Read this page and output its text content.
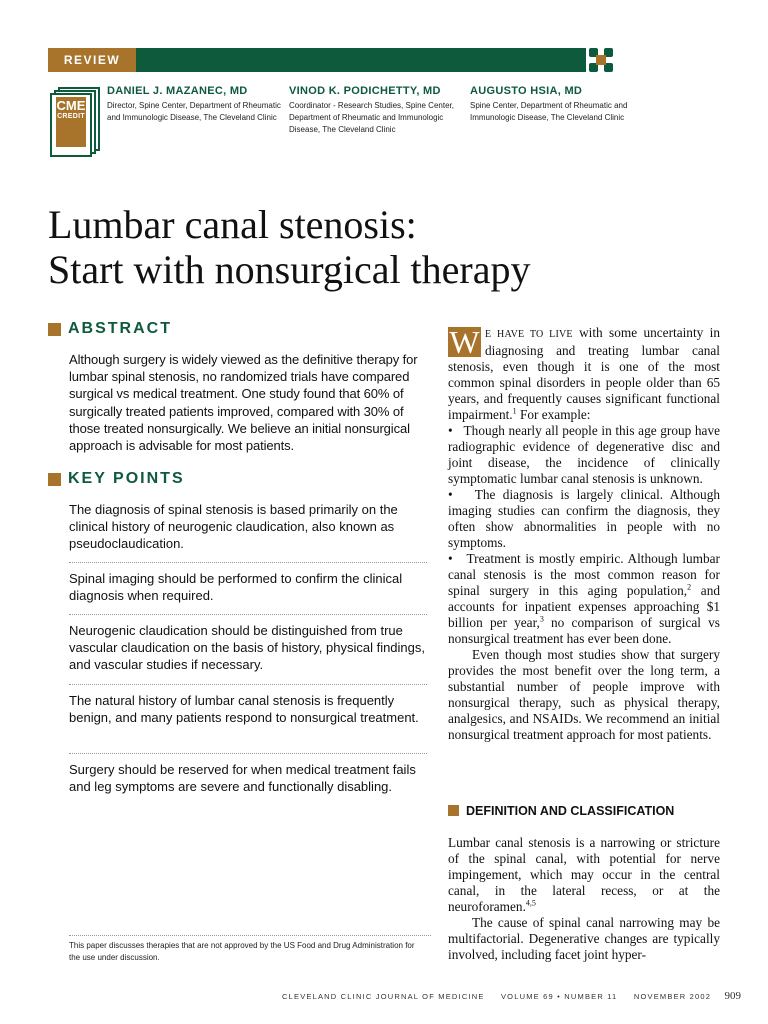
REVIEW
CME
CREDIT
DANIEL J. MAZANEC, MD
Director, Spine Center, Department of Rheumatic and Immunologic Disease, The Cleveland Clinic
VINOD K. PODICHETTY, MD
Coordinator - Research Studies, Spine Center, Department of Rheumatic and Immunologic Disease, The Cleveland Clinic
AUGUSTO HSIA, MD
Spine Center, Department of Rheumatic and Immunologic Disease, The Cleveland Clinic
Lumbar canal stenosis:
Start with nonsurgical therapy
ABSTRACT
Although surgery is widely viewed as the definitive therapy for lumbar spinal stenosis, no randomized trials have compared surgical vs medical treatment. One study found that 60% of surgically treated patients improved, compared with 30% of those treated nonsurgically. We believe an initial nonsurgical approach is advisable for most patients.
KEY POINTS
The diagnosis of spinal stenosis is based primarily on the clinical history of neurogenic claudication, also known as pseudoclaudication.
Spinal imaging should be performed to confirm the clinical diagnosis when required.
Neurogenic claudication should be distinguished from true vascular claudication on the basis of history, physical findings, and vascular studies if necessary.
The natural history of lumbar canal stenosis is frequently benign, and many patients respond to nonsurgical treatment.
Surgery should be reserved for when medical treatment fails and leg symptoms are severe and functionally disabling.
This paper discusses therapies that are not approved by the US Food and Drug Administration for the use under discussion.

W E HAVE TO LIVE with some uncertainty in diagnosing and treating lumbar canal stenosis, even though it is one of the most common spinal disorders in people older than 65 years, and frequently causes significant functional impairment.$^1$ For example:

• Though nearly all people in this age group have radiographic evidence of degenerative disc and joint disease, the incidence of clinically symptomatic lumbar canal stenosis is unknown.

• The diagnosis is largely clinical. Although imaging studies can confirm the diagnosis, they often show abnormalities in people with no symptoms.

• Treatment is mostly empiric. Although lumbar canal stenosis is the most common reason for spinal surgery in this aging population,$^2$ and accounts for inpatient expenses approaching $1 billion per year,$^3$ no comparison of surgical vs nonsurgical treatment has ever been done.

Even though most studies show that surgery provides the most benefit over the long term, a substantial number of people improve with nonsurgical therapy, such as physical therapy, analgesics, and NSAIDs. We recommend an initial nonsurgical treatment approach for most patients.

DEFINITION AND CLASSIFICATION

Lumbar canal stenosis is a narrowing or stricture of the spinal canal, with potential for nerve impingement, which may occur in the central canal, in the lateral recess, or at the neuroforamen.$^{4,5}$

The cause of spinal canal narrowing may be multifactorial. Degenerative changes are typically involved, including facet joint hyper-

CLEVELAND CLINIC JOURNAL OF MEDICINE VOLUME 69 • NUMBER 11 NOVEMBER 2002 909
